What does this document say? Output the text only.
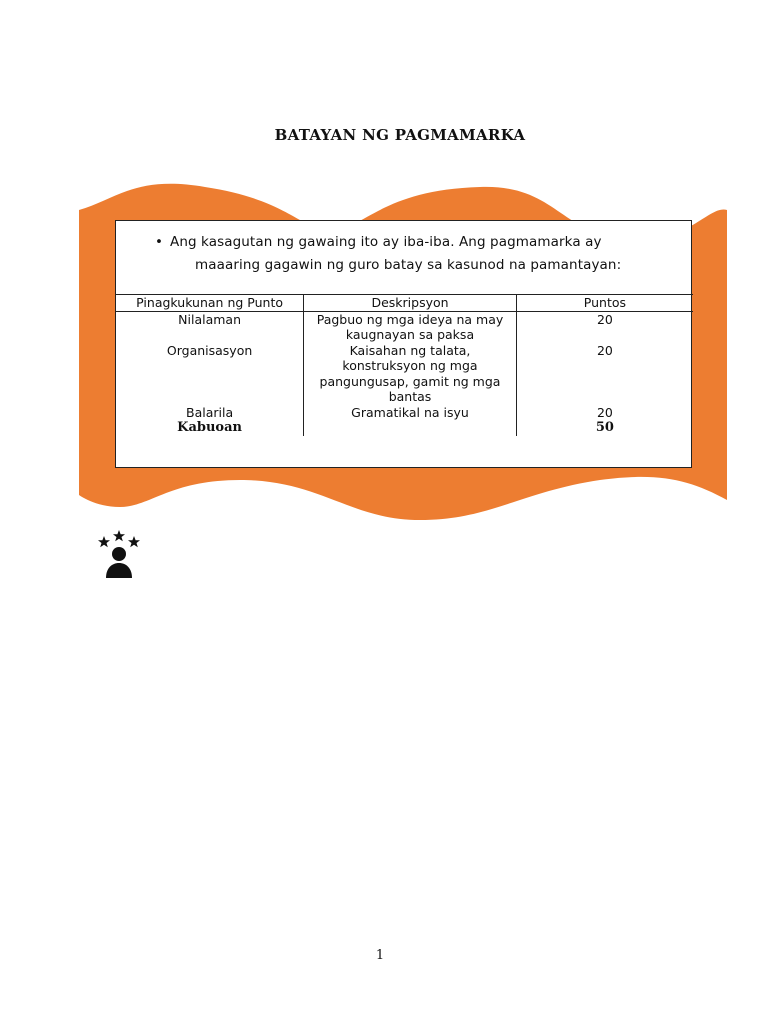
BATAYAN NG PAGMAMARKA
• Ang kasagutan ng gawaing ito ay iba-iba. Ang pagmamarka ay
maaaring gagawin ng guro batay sa kasunod na pamantayan:
Pinagkukunan ng Punto	Deskripsyon	Puntos
Nilalaman	Pagbuo ng mga ideya na may kaugnayan sa paksa	20
Organisasyon	Kaisahan ng talata, konstruksyon ng mga pangungusap, gamit ng mga bantas	20
Balarila	Gramatikal na isyu	20
Kabuoan		50

1
